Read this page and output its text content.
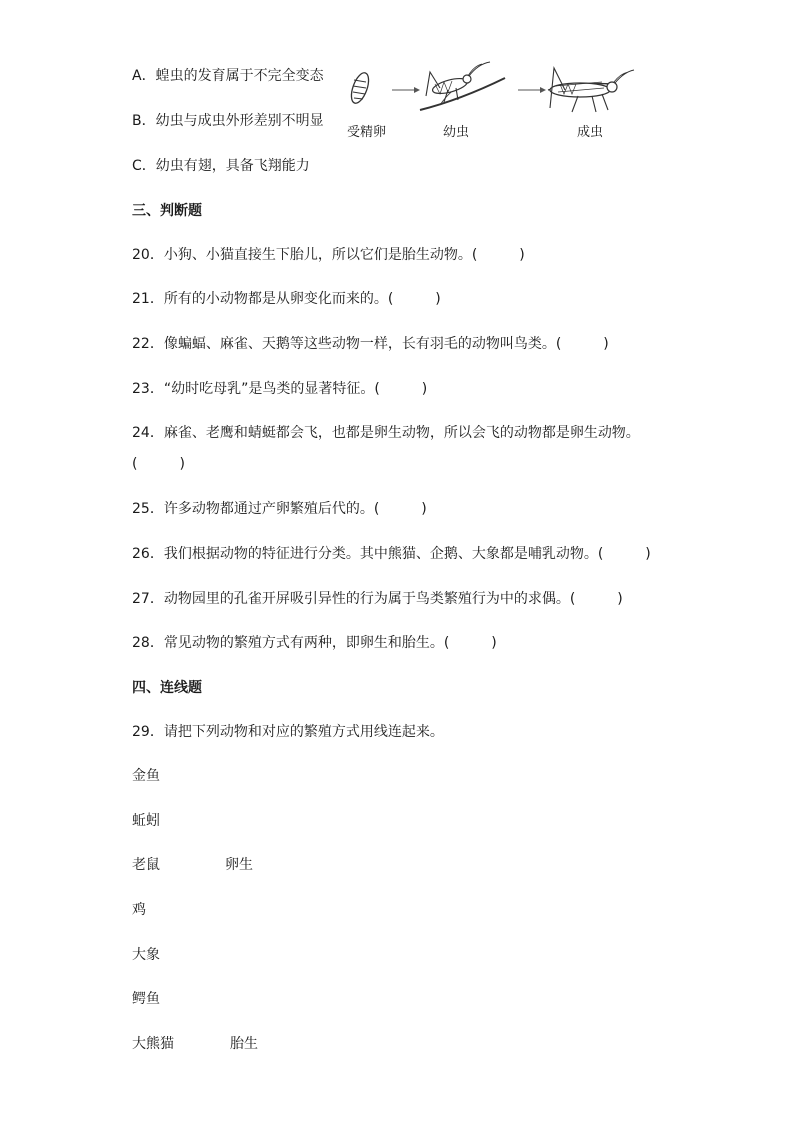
A．蝗虫的发育属于不完全变态
B．幼虫与成虫外形差别不明显
C．幼虫有翅，具备飞翔能力
受精卵	幼虫	成虫
三、判断题
20．小狗、小猫直接生下胎儿，所以它们是胎生动物。(　　　)
21．所有的小动物都是从卵变化而来的。(　　　)
22．像蝙蝠、麻雀、天鹅等这些动物一样，长有羽毛的动物叫鸟类。(　　　)
23．“幼时吃母乳”是鸟类的显著特征。(　　　)
24．麻雀、老鹰和蜻蜓都会飞，也都是卵生动物，所以会飞的动物都是卵生动物。
(　　　)
25．许多动物都通过产卵繁殖后代的。(　　　)
26．我们根据动物的特征进行分类。其中熊猫、企鹅、大象都是哺乳动物。(　　　)
27．动物园里的孔雀开屏吸引异性的行为属于鸟类繁殖行为中的求偶。(　　　)
28．常见动物的繁殖方式有两种，即卵生和胎生。(　　　)
四、连线题
29．请把下列动物和对应的繁殖方式用线连起来。
金鱼
蚯蚓
老鼠	卵生
鸡
大象
鳄鱼
大熊猫	胎生
